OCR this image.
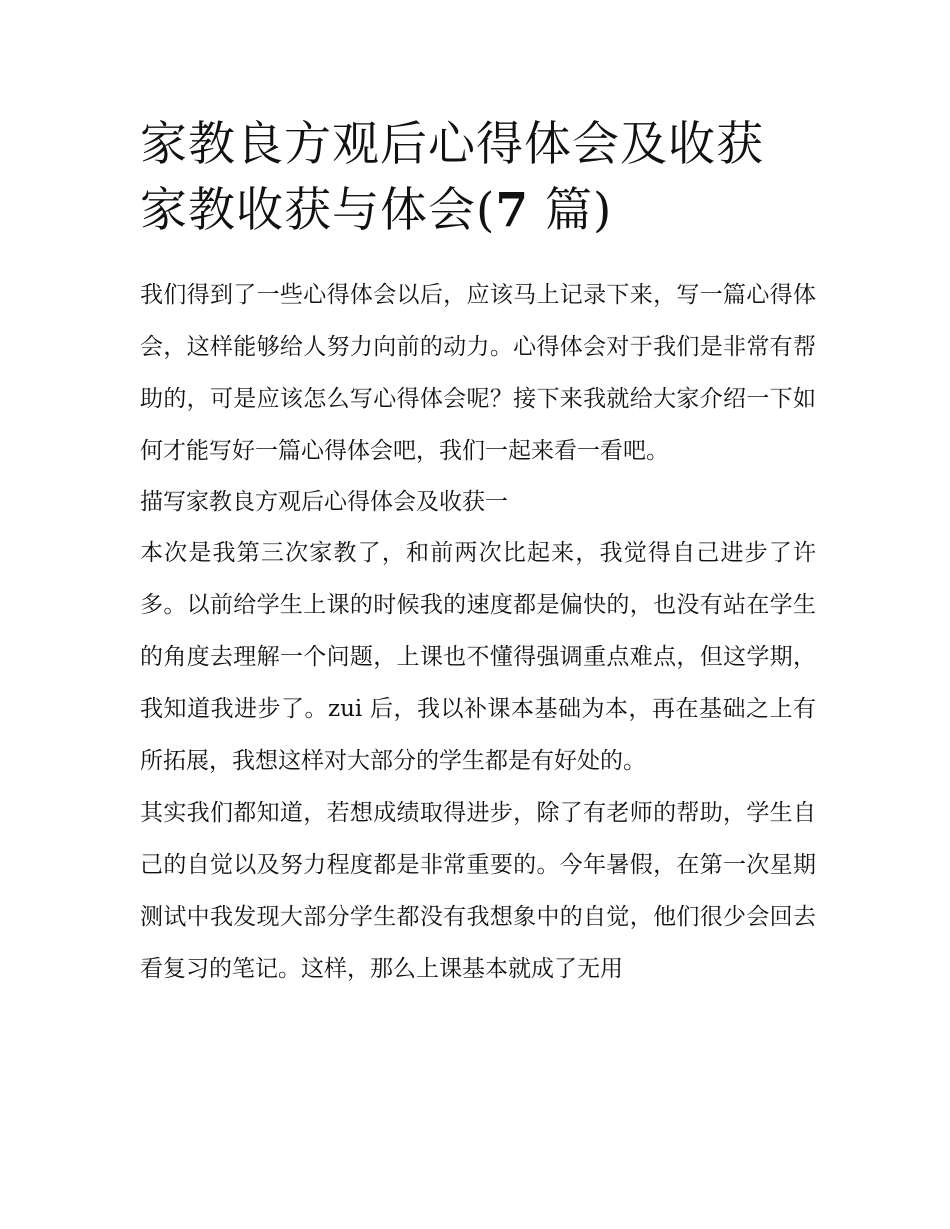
家教良方观后心得体会及收获
家教收获与体会(7 篇)

我们得到了一些心得体会以后，应该马上记录下来，写一篇心得体会，这样能够给人努力向前的动力。心得体会对于我们是非常有帮助的，可是应该怎么写心得体会呢？接下来我就给大家介绍一下如何才能写好一篇心得体会吧，我们一起来看一看吧。

描写家教良方观后心得体会及收获一

本次是我第三次家教了，和前两次比起来，我觉得自己进步了许多。以前给学生上课的时候我的速度都是偏快的，也没有站在学生的角度去理解一个问题，上课也不懂得强调重点难点，但这学期，我知道我进步了。zui 后，我以补课本基础为本，再在基础之上有所拓展，我想这样对大部分的学生都是有好处的。

其实我们都知道，若想成绩取得进步，除了有老师的帮助，学生自己的自觉以及努力程度都是非常重要的。今年暑假，在第一次星期测试中我发现大部分学生都没有我想象中的自觉，他们很少会回去看复习的笔记。这样，那么上课基本就成了无用
